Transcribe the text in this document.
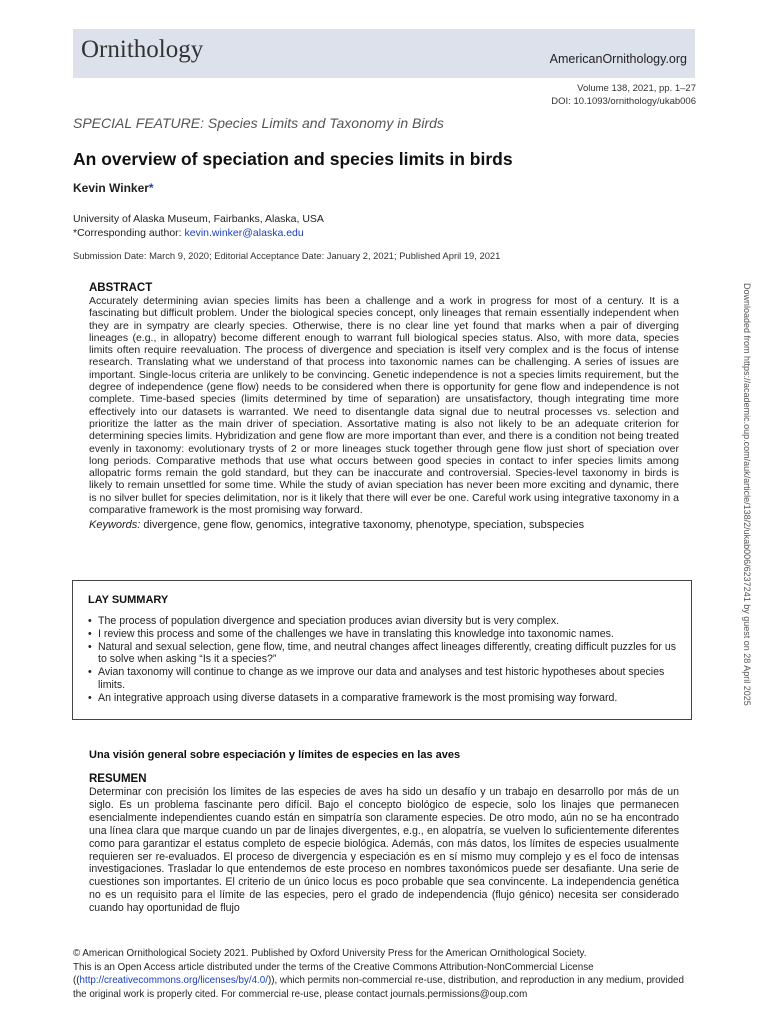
Ornithology	AmericanOrnithology.org
Volume 138, 2021, pp. 1–27
DOI: 10.1093/ornithology/ukab006
SPECIAL FEATURE: Species Limits and Taxonomy in Birds
An overview of speciation and species limits in birds
Kevin Winker*
University of Alaska Museum, Fairbanks, Alaska, USA
*Corresponding author: kevin.winker@alaska.edu
Submission Date: March 9, 2020; Editorial Acceptance Date: January 2, 2021; Published April 19, 2021
ABSTRACT

Accurately determining avian species limits has been a challenge and a work in progress for most of a century. It is a fascinating but difficult problem. Under the biological species concept, only lineages that remain essentially independent when they are in sympatry are clearly species. Otherwise, there is no clear line yet found that marks when a pair of diverging lineages (e.g., in allopatry) become different enough to warrant full biological species status. Also, with more data, species limits often require reevaluation. The process of divergence and speciation is itself very complex and is the focus of intense research. Translating what we understand of that process into taxonomic names can be challenging. A series of issues are important. Single-locus criteria are unlikely to be convincing. Genetic independence is not a species limits requirement, but the degree of independence (gene flow) needs to be considered when there is opportunity for gene flow and independence is not complete. Time-based species (limits determined by time of separation) are unsatisfactory, though integrating time more effectively into our datasets is warranted. We need to disentangle data signal due to neutral processes vs. selection and prioritize the latter as the main driver of speciation. Assortative mating is also not likely to be an adequate criterion for determining species limits. Hybridization and gene flow are more important than ever, and there is a condition not being treated evenly in taxonomy: evolutionary trysts of 2 or more lineages stuck together through gene flow just short of speciation over long periods. Comparative methods that use what occurs between good species in contact to infer species limits among allopatric forms remain the gold standard, but they can be inaccurate and controversial. Species-level taxonomy in birds is likely to remain unsettled for some time. While the study of avian speciation has never been more exciting and dynamic, there is no silver bullet for species delimitation, nor is it likely that there will ever be one. Careful work using integrative taxonomy in a comparative framework is the most promising way forward.

Keywords: divergence, gene flow, genomics, integrative taxonomy, phenotype, speciation, subspecies
LAY SUMMARY
• The process of population divergence and speciation produces avian diversity but is very complex.
• I review this process and some of the challenges we have in translating this knowledge into taxonomic names.
• Natural and sexual selection, gene flow, time, and neutral changes affect lineages differently, creating difficult puzzles for us to solve when asking “Is it a species?”
• Avian taxonomy will continue to change as we improve our data and analyses and test historic hypotheses about species limits.
• An integrative approach using diverse datasets in a comparative framework is the most promising way forward.
Una visión general sobre especiación y límites de especies en las aves
RESUMEN

Determinar con precisión los límites de las especies de aves ha sido un desafío y un trabajo en desarrollo por más de un siglo. Es un problema fascinante pero difícil. Bajo el concepto biológico de especie, solo los linajes que permanecen esencialmente independientes cuando están en simpatría son claramente especies. De otro modo, aún no se ha encontrado una línea clara que marque cuando un par de linajes divergentes, e.g., en alopatría, se vuelven lo suficientemente diferentes como para garantizar el estatus completo de especie biológica. Además, con más datos, los límites de especies usualmente requieren ser re-evaluados. El proceso de divergencia y especiación es en sí mismo muy complejo y es el foco de intensas investigaciones. Trasladar lo que entendemos de este proceso en nombres taxonómicos puede ser desafiante. Una serie de cuestiones son importantes. El criterio de un único locus es poco probable que sea convincente. La independencia genética no es un requisito para el límite de las especies, pero el grado de independencia (flujo génico) necesita ser considerado cuando hay oportunidad de flujo

© American Ornithological Society 2021. Published by Oxford University Press for the American Ornithological Society.
This is an Open Access article distributed under the terms of the Creative Commons Attribution-NonCommercial License ((http://creativecommons.org/licenses/by/4.0/)), which permits non-commercial re-use, distribution, and reproduction in any medium, provided the original work is properly cited. For commercial re-use, please contact journals.permissions@oup.com
Downloaded from https://academic.oup.com/auk/article/138/2/ukab006/6237241 by guest on 28 April 2025
